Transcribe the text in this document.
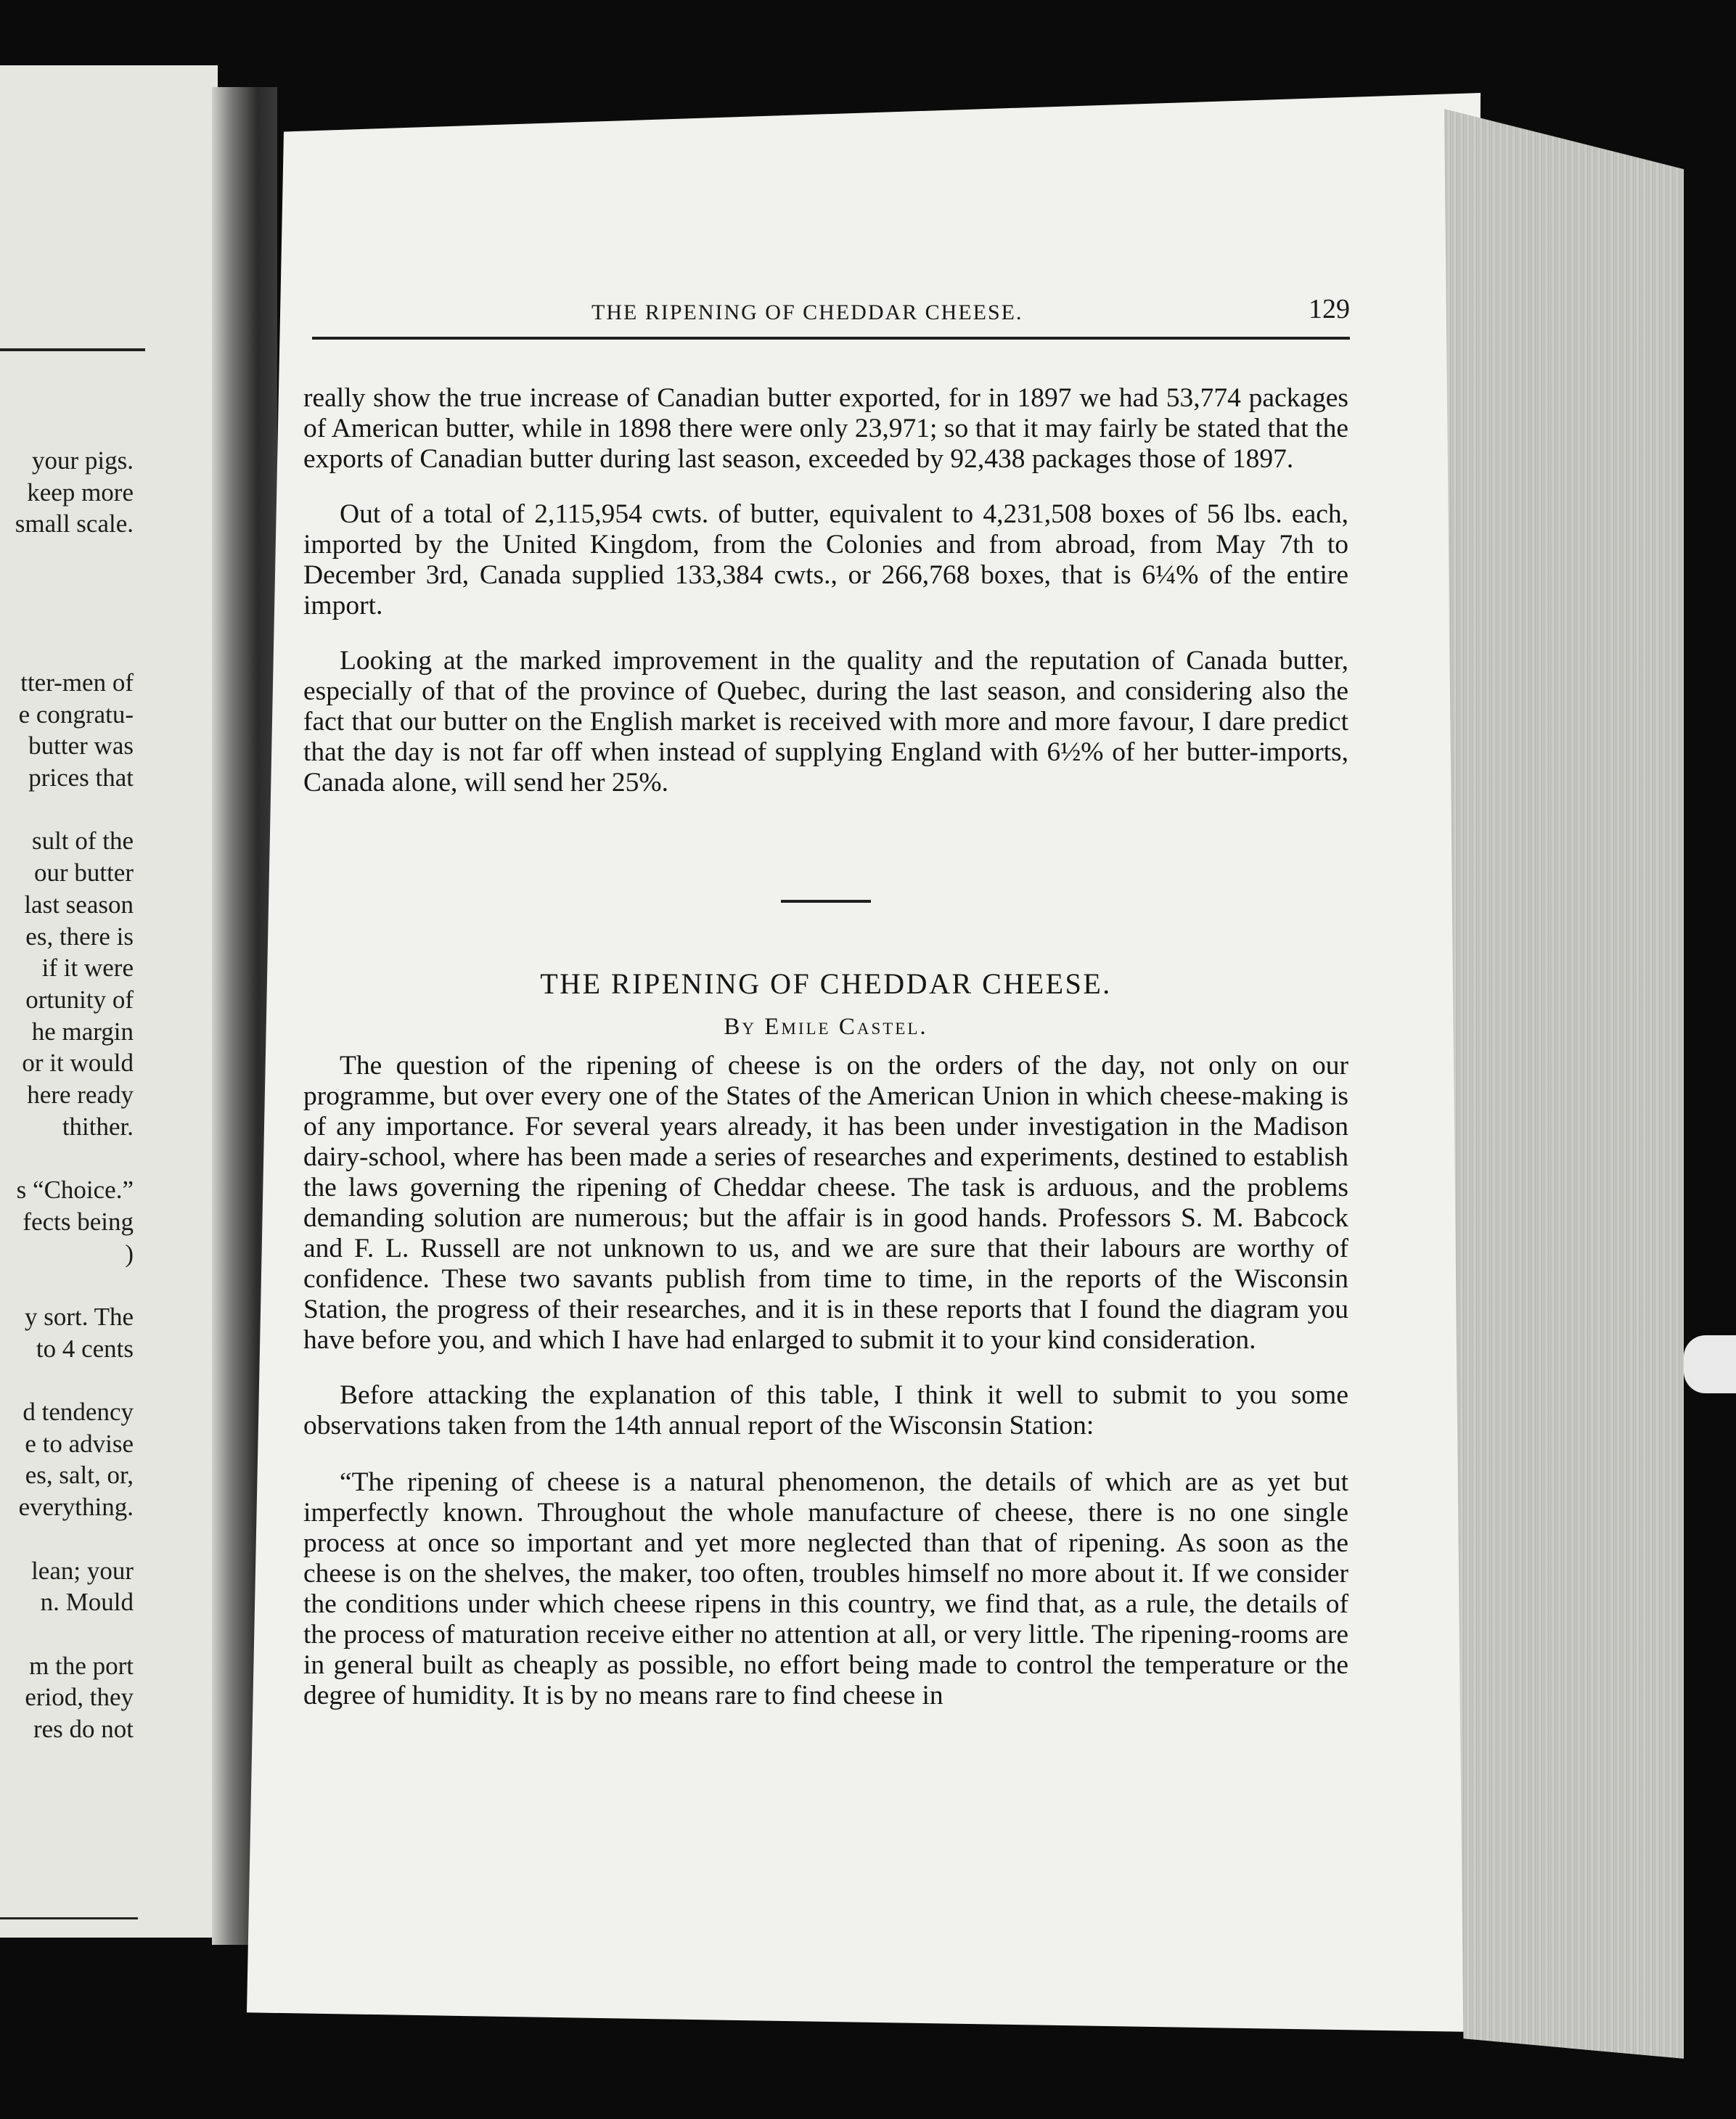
your pigs.
keep more
small scale.
tter-men of
e congratu-
butter was
prices that
sult of the
our butter
last season
es, there is
if it were
ortunity of
he margin
or it would
here ready
thither.
s “Choice.”
fects being
)
y sort. The
to 4 cents
d tendency
e to advise
es, salt, or,
everything.
lean; your
n. Mould
m the port
eriod, they
res do not
THE RIPENING OF CHEDDAR CHEESE.	129

really show the true increase of Canadian butter exported, for in 1897 we had 53,774 packages of American butter, while in 1898 there were only 23,971; so that it may fairly be stated that the exports of Canadian butter during last season, exceeded by 92,438 packages those of 1897.

Out of a total of 2,115,954 cwts. of butter, equivalent to 4,231,508 boxes of 56 lbs. each, imported by the United Kingdom, from the Colonies and from abroad, from May 7th to December 3rd, Canada supplied 133,384 cwts., or 266,768 boxes, that is 6¼% of the entire import.

Looking at the marked improvement in the quality and the reputation of Canada butter, especially of that of the province of Quebec, during the last season, and considering also the fact that our butter on the English market is received with more and more favour, I dare predict that the day is not far off when instead of supplying England with 6½% of her butter-imports, Canada alone, will send her 25%.

THE RIPENING OF CHEDDAR CHEESE.
By Emile Castel.

The question of the ripening of cheese is on the orders of the day, not only on our programme, but over every one of the States of the American Union in which cheese-making is of any importance. For several years already, it has been under investigation in the Madison dairy-school, where has been made a series of researches and experiments, destined to establish the laws governing the ripening of Cheddar cheese. The task is arduous, and the problems demanding solution are numerous; but the affair is in good hands. Professors S. M. Babcock and F. L. Russell are not unknown to us, and we are sure that their labours are worthy of confidence. These two savants publish from time to time, in the reports of the Wisconsin Station, the progress of their researches, and it is in these reports that I found the diagram you have before you, and which I have had enlarged to submit it to your kind consideration.

Before attacking the explanation of this table, I think it well to submit to you some observations taken from the 14th annual report of the Wisconsin Station:

“The ripening of cheese is a natural phenomenon, the details of which are as yet but imperfectly known. Throughout the whole manufacture of cheese, there is no one single process at once so important and yet more neglected than that of ripening. As soon as the cheese is on the shelves, the maker, too often, troubles himself no more about it. If we consider the conditions under which cheese ripens in this country, we find that, as a rule, the details of the process of maturation receive either no attention at all, or very little. The ripening-rooms are in general built as cheaply as possible, no effort being made to control the temperature or the degree of humidity. It is by no means rare to find cheese in
